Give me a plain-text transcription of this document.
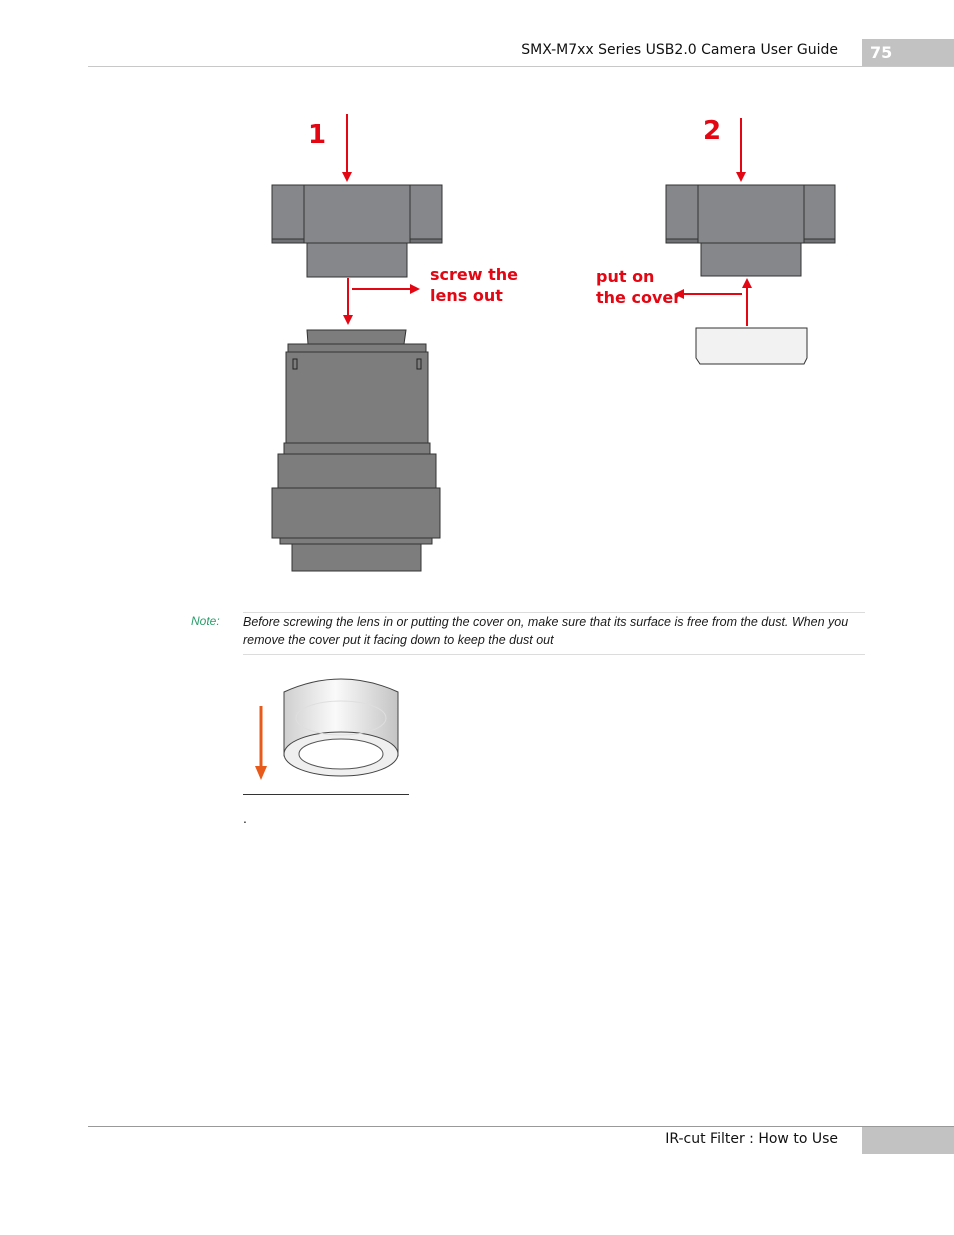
SMX-M7xx Series USB2.0 Camera User Guide 75
1
screw the
lens out
2
put on
the cover
Note: Before screwing the lens in or putting the cover on, make sure that its surface is free from the dust. When you remove the cover put it facing down to keep the dust out
.
IR-cut Filter : How to Use
